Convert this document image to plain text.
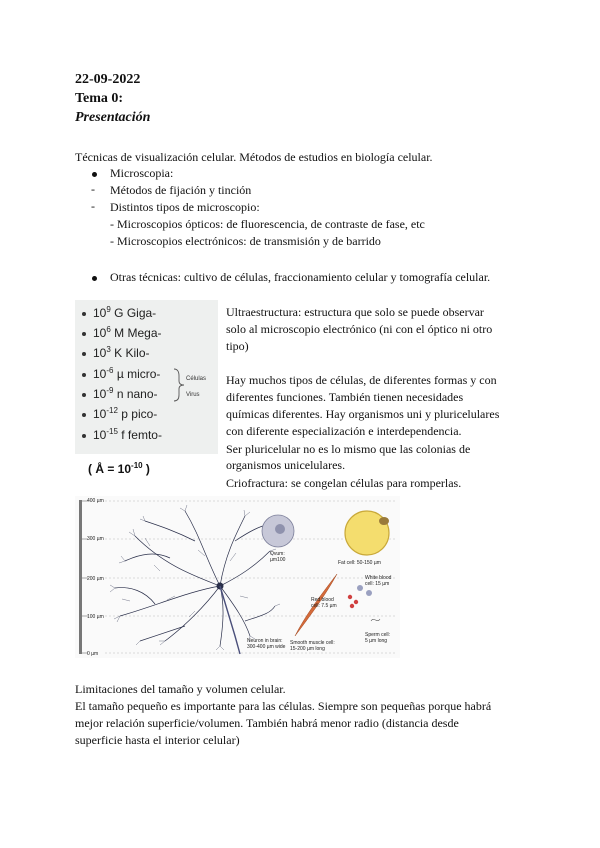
22-09-2022
Tema 0:
Presentación
Técnicas de visualización celular. Métodos de estudios en biología celular.
Microscopia:
- Métodos de fijación y tinción
- Distintos tipos de microscopio:
- Microscopios ópticos: de fluorescencia, de contraste de fase, etc
- Microscopios electrónicos: de transmisión y de barrido
Otras técnicas: cultivo de células, fraccionamiento celular y tomografía celular.
$10^9$ G Giga-
$10^6$ M Mega-
$10^3$ K Kilo-
$10^{-6}$ µ micro-
$10^{-9}$ n nano-
$10^{-12}$ p pico-
$10^{-15}$ f femto-
Células
Virus
( Å = $10^{-10}$ )
Ultraestructura: estructura que solo se puede observar
solo al microscopio electrónico (ni con el óptico ni otro
tipo)
Hay muchos tipos de células, de diferentes formas y con
diferentes funciones. También tienen necesidades
químicas diferentes. Hay organismos uni y pluricelulares
con diferente especialización e interdependencia.
Ser pluricelular no es lo mismo que las colonias de
organismos unicelulares.
Criofractura: se congelan células para romperlas.
400 µm
300 µm
200 µm
100 µm
0 µm
Neuron in brain:
300-400 µm wide
Ovum:
µm100	Fat cell: 50-150 µm
Smooth muscle cell:
15-200 µm long
Red blood
cell: 7.5 µm
White blood
cell: 15 µm
Sperm cell:
5 µm long
Limitaciones del tamaño y volumen celular.
El tamaño pequeño es importante para las células. Siempre son pequeñas porque habrá
mejor relación superficie/volumen. También habrá menor radio (distancia desde
superficie hasta el interior celular)
